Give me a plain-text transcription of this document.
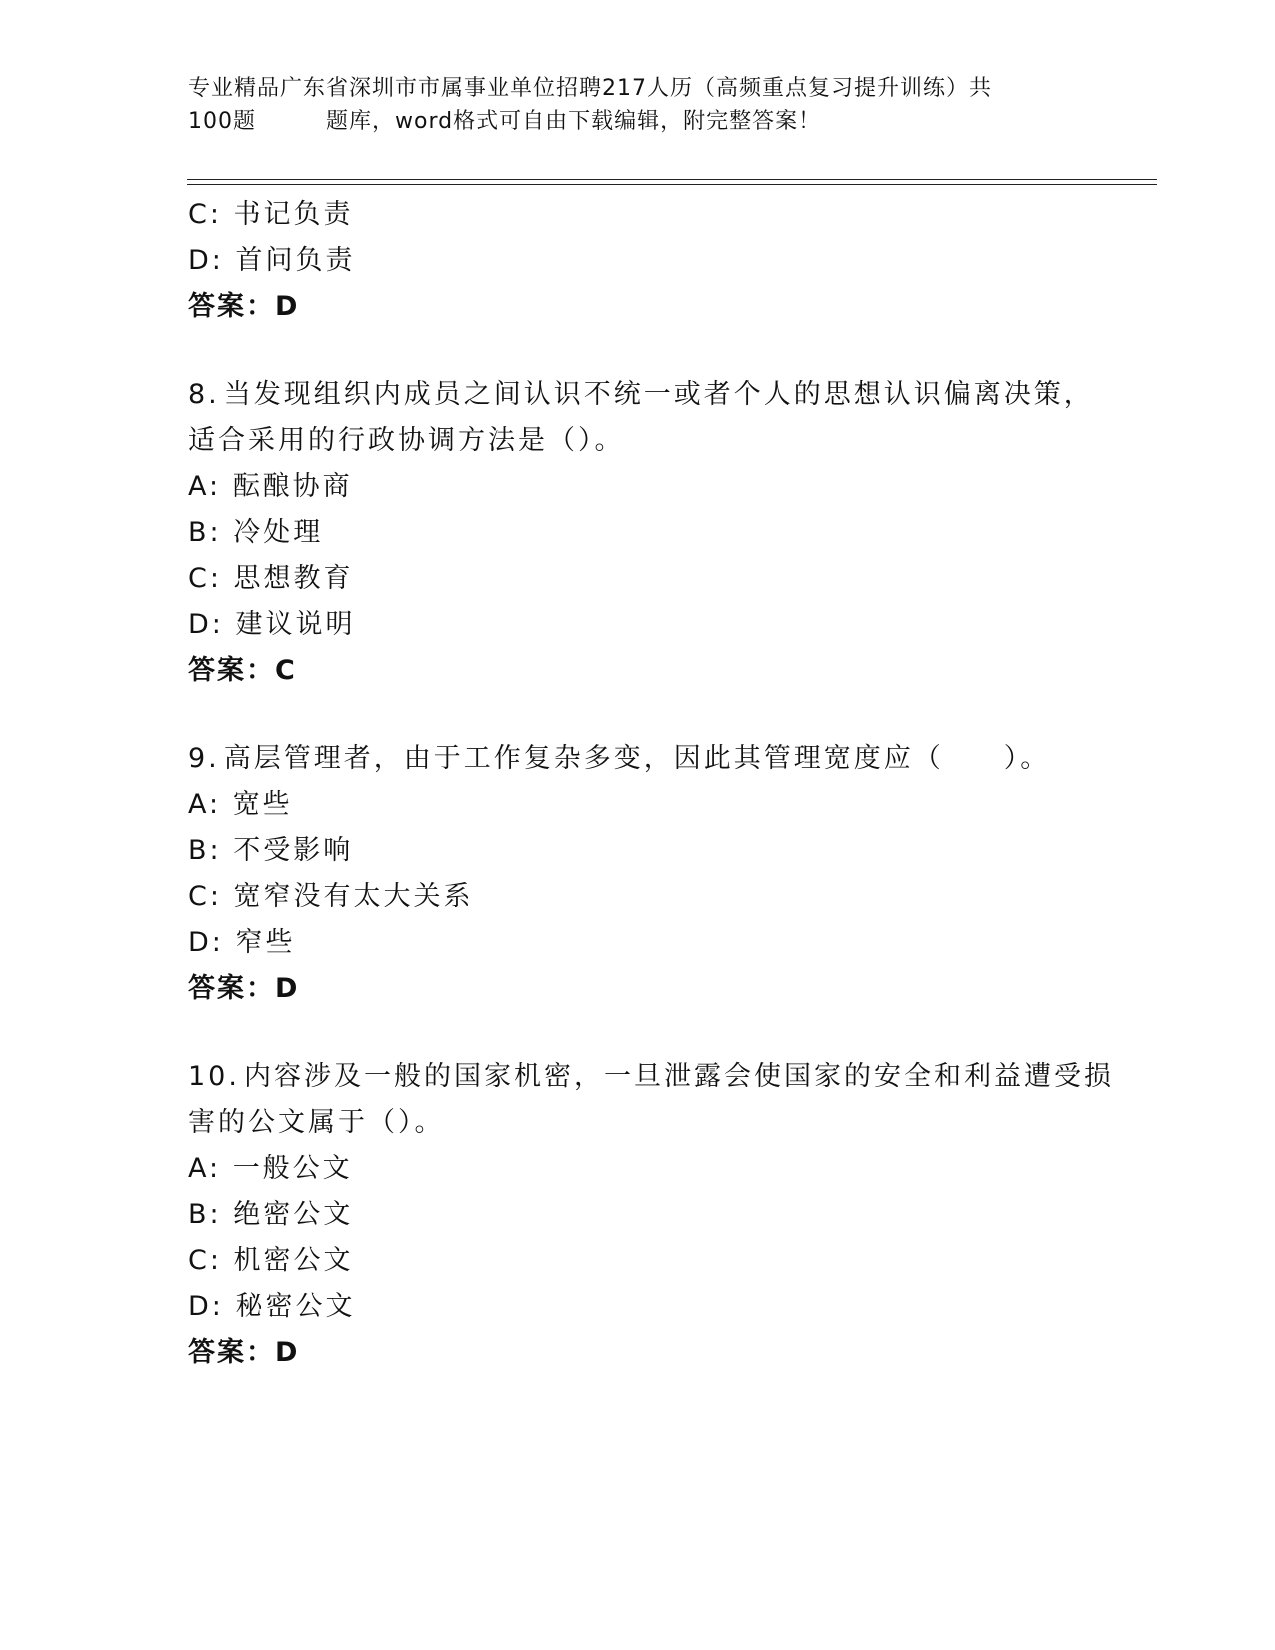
专业精品广东省深圳市市属事业单位招聘217人历（高频重点复习提升训练）共
100题	题库，word格式可自由下载编辑，附完整答案！
C: 书记负责
D: 首问负责
答案：D
8. 当发现组织内成员之间认识不统一或者个人的思想认识偏离决策，
适合采用的行政协调方法是（）。
A: 酝酿协商
B: 冷处理
C: 思想教育
D: 建议说明
答案：C
9. 高层管理者，由于工作复杂多变，因此其管理宽度应（　　）。
A: 宽些
B: 不受影响
C: 宽窄没有太大关系
D: 窄些
答案：D
10. 内容涉及一般的国家机密，一旦泄露会使国家的安全和利益遭受损
害的公文属于（）。
A: 一般公文
B: 绝密公文
C: 机密公文
D: 秘密公文
答案：D
